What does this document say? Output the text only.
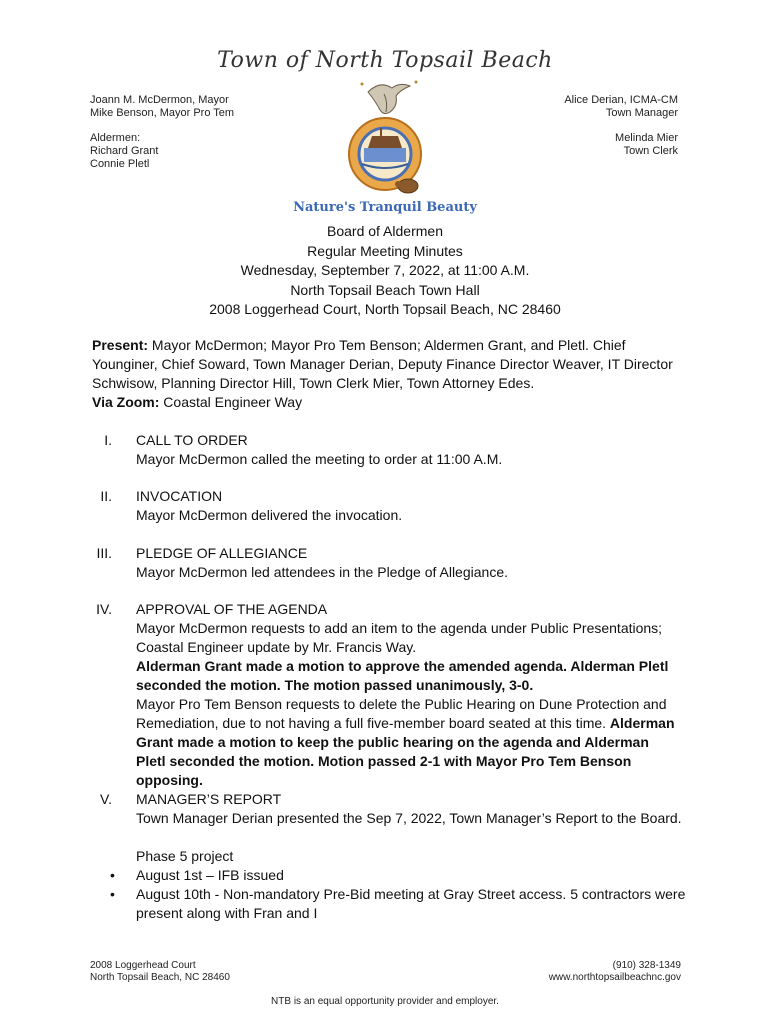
Town of North Topsail Beach
Joann M. McDermon, Mayor
Mike Benson, Mayor Pro Tem
Aldermen:
Richard Grant
Connie Pletl
Alice Derian, ICMA-CM
Town Manager
Melinda Mier
Town Clerk
Nature's Tranquil Beauty
Board of Aldermen
Regular Meeting Minutes
Wednesday, September 7, 2022, at 11:00 A.M.
North Topsail Beach Town Hall
2008 Loggerhead Court, North Topsail Beach, NC 28460
Present: Mayor McDermon; Mayor Pro Tem Benson; Aldermen Grant, and Pletl. Chief Younginer, Chief Soward, Town Manager Derian, Deputy Finance Director Weaver, IT Director Schwisow, Planning Director Hill, Town Clerk Mier, Town Attorney Edes.
Via Zoom: Coastal Engineer Way
I. CALL TO ORDER
Mayor McDermon called the meeting to order at 11:00 A.M.
II. INVOCATION
Mayor McDermon delivered the invocation.
III. PLEDGE OF ALLEGIANCE
Mayor McDermon led attendees in the Pledge of Allegiance.
IV. APPROVAL OF THE AGENDA
Mayor McDermon requests to add an item to the agenda under Public Presentations; Coastal Engineer update by Mr. Francis Way.
Alderman Grant made a motion to approve the amended agenda. Alderman Pletl seconded the motion. The motion passed unanimously, 3-0.
Mayor Pro Tem Benson requests to delete the Public Hearing on Dune Protection and Remediation, due to not having a full five-member board seated at this time. Alderman Grant made a motion to keep the public hearing on the agenda and Alderman Pletl seconded the motion. Motion passed 2-1 with Mayor Pro Tem Benson opposing.
V. MANAGER’S REPORT
Town Manager Derian presented the Sep 7, 2022, Town Manager’s Report to the Board.
Phase 5 project
• August 1st – IFB issued
• August 10th - Non-mandatory Pre-Bid meeting at Gray Street access. 5 contractors were present along with Fran and I
2008 Loggerhead Court
North Topsail Beach, NC 28460
(910) 328-1349
www.northtopsailbeachnc.gov
NTB is an equal opportunity provider and employer.
